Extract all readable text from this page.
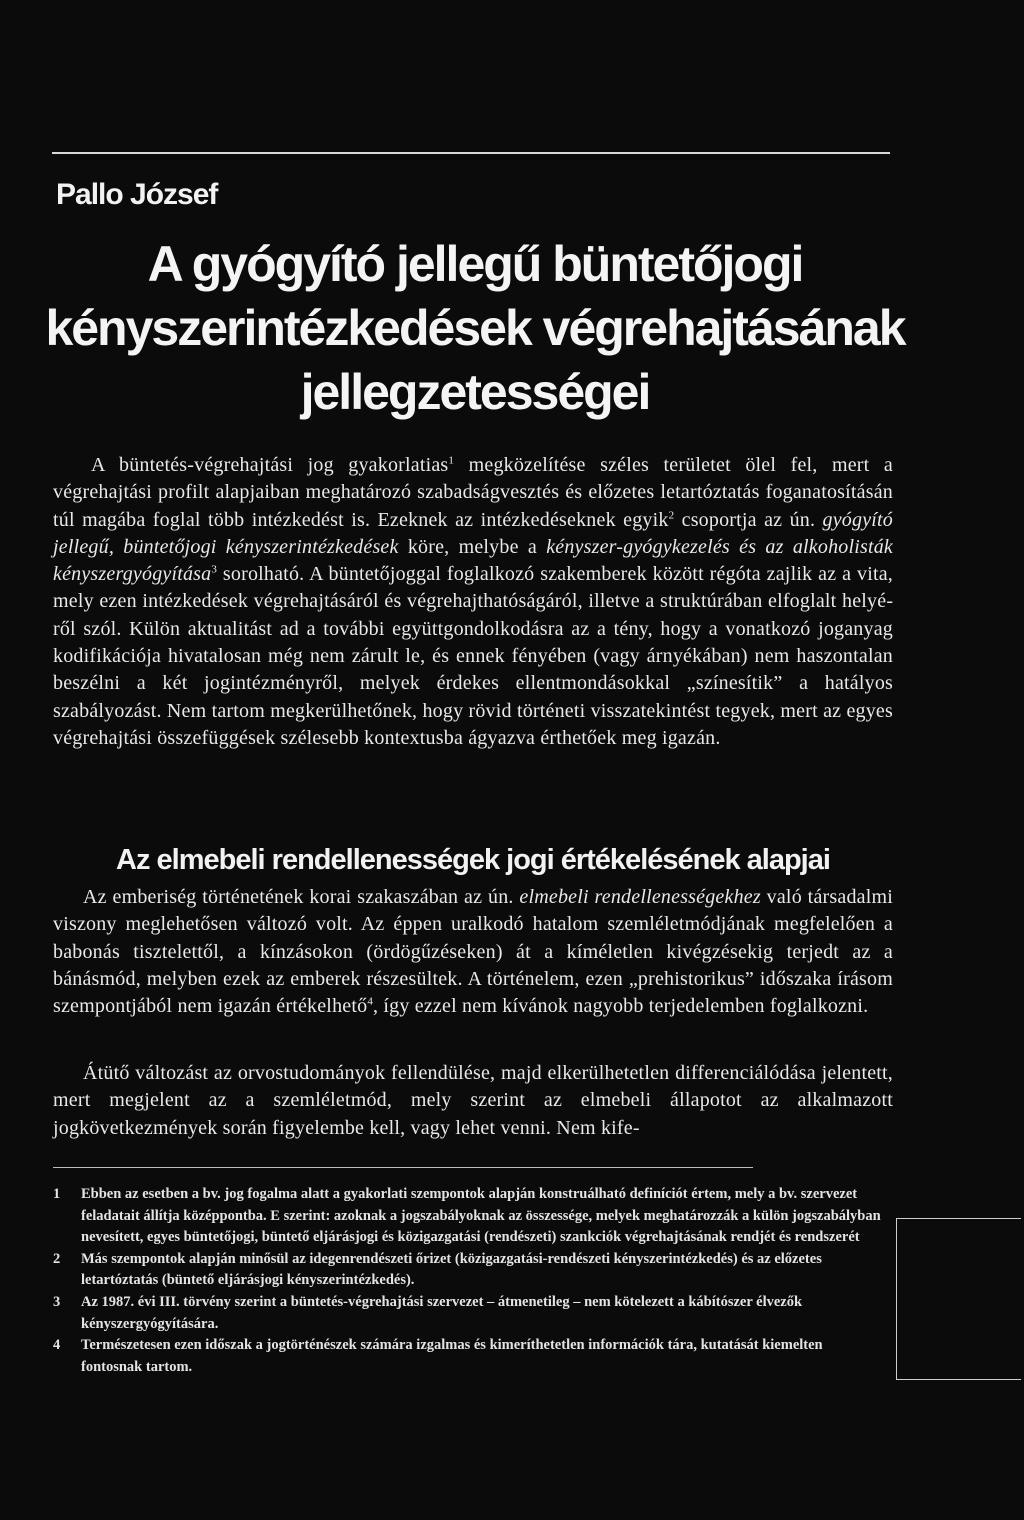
Pallo József
A gyógyító jellegű büntetőjogi
kényszerintézkedések végrehajtásának
jellegzetességei
A büntetés-végrehajtási jog gyakorlatias$^1$ megközelítése széles területet ölel fel, mert a végrehajtási profilt alapjaiban meghatározó szabadságvesztés és előzetes letartóztatás foganatosításán túl magába foglal több intézkedést is. Ezeknek az intézkedéseknek egyik$^2$ csoportja az ún. gyógyító jellegű, büntetőjogi kényszerintézkedések köre, melybe a kényszer-gyógykezelés és az alkoholisták kényszergyógyítása$^3$ sorolható. A büntetőjoggal foglalkozó szakemberek között régóta zajlik az a vita, mely ezen intézkedések végrehajtásáról és végrehajthatóságáról, illetve a struktúrában elfoglalt helyéről szól. Külön aktualitást ad a további együttgondolkodásra az a tény, hogy a vonatkozó joganyag kodifikációja hivatalosan még nem zárult le, és ennek fényében (vagy árnyékában) nem haszontalan beszélni a két jogintézményről, melyek érdekes ellentmondásokkal „színesítik” a hatályos szabályozást. Nem tartom megkerülhetőnek, hogy rövid történeti visszatekintést tegyek, mert az egyes végrehajtási összefüggések szélesebb kontextusba ágyazva érthetőek meg igazán.
Az elmebeli rendellenességek jogi értékelésének alapjai
Az emberiség történetének korai szakaszában az ún. elmebeli rendellenességekhez való társadalmi viszony meglehetősen változó volt. Az éppen uralkodó hatalom szemléletmódjának megfelelően a babonás tisztelettől, a kínzásokon (ördögűzéseken) át a kíméletlen kivégzésekig terjedt az a bánásmód, melyben ezek az emberek részesültek. A történelem, ezen „prehistorikus” időszaka írásom szempontjából nem igazán értékelhető$^4$, így ezzel nem kívánok nagyobb terjedelemben foglalkozni.
Átütő változást az orvostudományok fellendülése, majd elkerülhetetlen differenciálódása jelentett, mert megjelent az a szemléletmód, mely szerint az elmebeli állapotot az alkalmazott jogkövetkezmények során figyelembe kell, vagy lehet venni. Nem kife-
1 Ebben az esetben a bv. jog fogalma alatt a gyakorlati szempontok alapján konstruálható definíciót értem, mely a bv. szervezet feladatait állítja középpontba. E szerint: azoknak a jogszabályoknak az összessége, melyek meghatározzák a külön jogszabályban nevesített, egyes büntetőjogi, büntető eljárásjogi és közigazgatási (rendészeti) szankciók végrehajtásának rendjét és rendszerét
2 Más szempontok alapján minősül az idegenrendészeti őrizet (közigazgatási-rendészeti kényszerintézkedés) és az előzetes letartóztatás (büntető eljárásjogi kényszerintézkedés).
3 Az 1987. évi III. törvény szerint a büntetés-végrehajtási szervezet – átmenetileg – nem kötelezett a kábítószer élvezők kényszergyógyítására.
4 Természetesen ezen időszak a jogtörténészek számára izgalmas és kimeríthetetlen információk tára, kutatását kiemelten fontosnak tartom.
